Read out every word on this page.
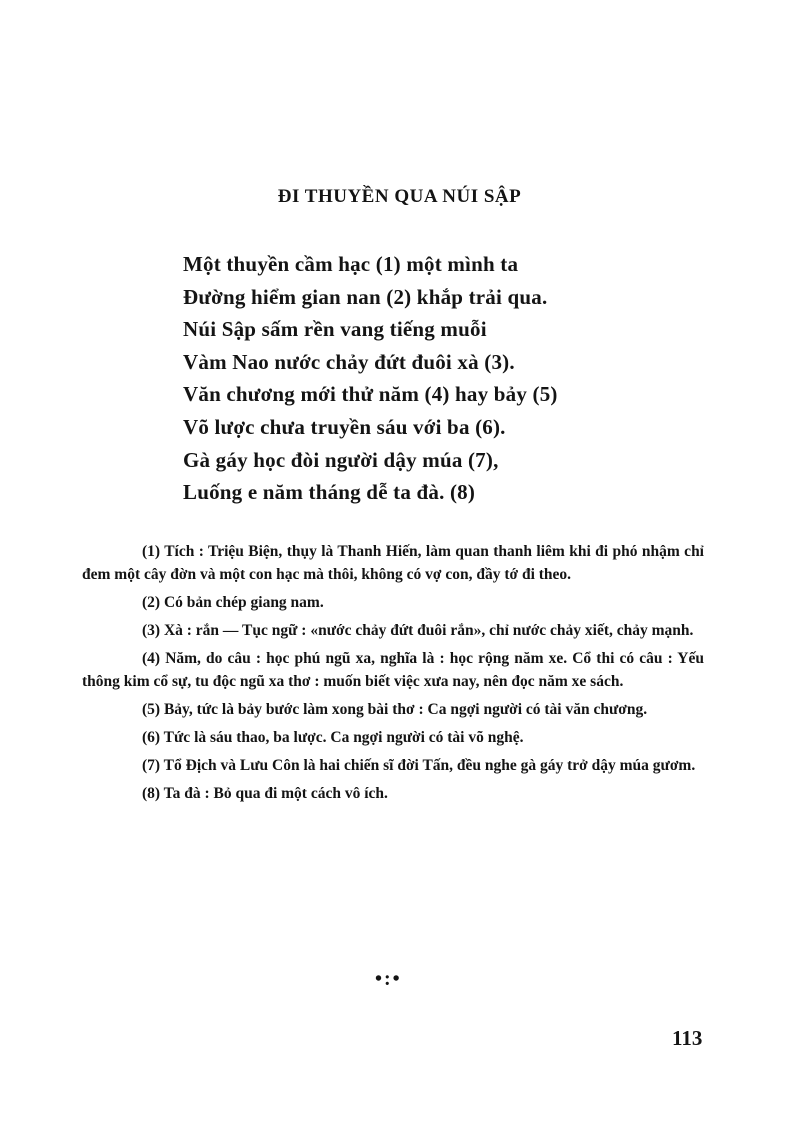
ĐI THUYỀN QUA NÚI SẬP
Một thuyền cầm hạc (1) một mình ta
Đường hiểm gian nan (2) khắp trải qua.
Núi Sập sấm rền vang tiếng muỗi
Vàm Nao nước chảy đứt đuôi xà (3).
Văn chương mới thử năm (4) hay bảy (5)
Võ lược chưa truyền sáu với ba (6).
Gà gáy học đòi người dậy múa (7),
Luống e năm tháng dễ ta đà. (8)

(1) Tích : Triệu Biện, thụy là Thanh Hiến, làm quan thanh liêm khi đi phó nhậm chỉ đem một cây đờn và một con hạc mà thôi, không có vợ con, đầy tớ đi theo.

(2) Có bản chép giang nam.

(3) Xà : rắn — Tục ngữ : «nước chảy đứt đuôi rắn», chỉ nước chảy xiết, chảy mạnh.

(4) Năm, do câu : học phú ngũ xa, nghĩa là : học rộng năm xe. Cổ thi có câu : Yếu thông kim cổ sự, tu độc ngũ xa thơ : muốn biết việc xưa nay, nên đọc năm xe sách.

(5) Bảy, tức là bảy bước làm xong bài thơ : Ca ngợi người có tài văn chương.

(6) Tức là sáu thao, ba lược. Ca ngợi người có tài võ nghệ.

(7) Tổ Địch và Lưu Côn là hai chiến sĩ đời Tấn, đều nghe gà gáy trở dậy múa gươm.

(8) Ta đà : Bỏ qua đi một cách vô ích.

•:•
113
